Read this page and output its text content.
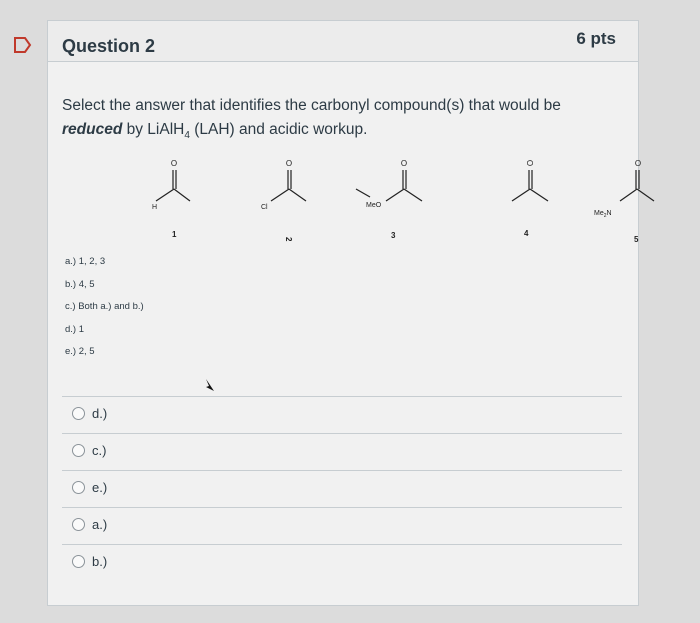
Question 2	6 pts
Select the answer that identifies the carbonyl compound(s) that would be
reduced by LiAlH$_4$ (LAH) and acidic workup.
O
H
1
O
Cl
2
O
MeO
3
O
4
O
$Me_2N$
5
a.) 1, 2, 3
b.) 4, 5
c.) Both a.) and b.)
d.) 1
e.) 2, 5
d.)
c.)
e.)
a.)
b.)
